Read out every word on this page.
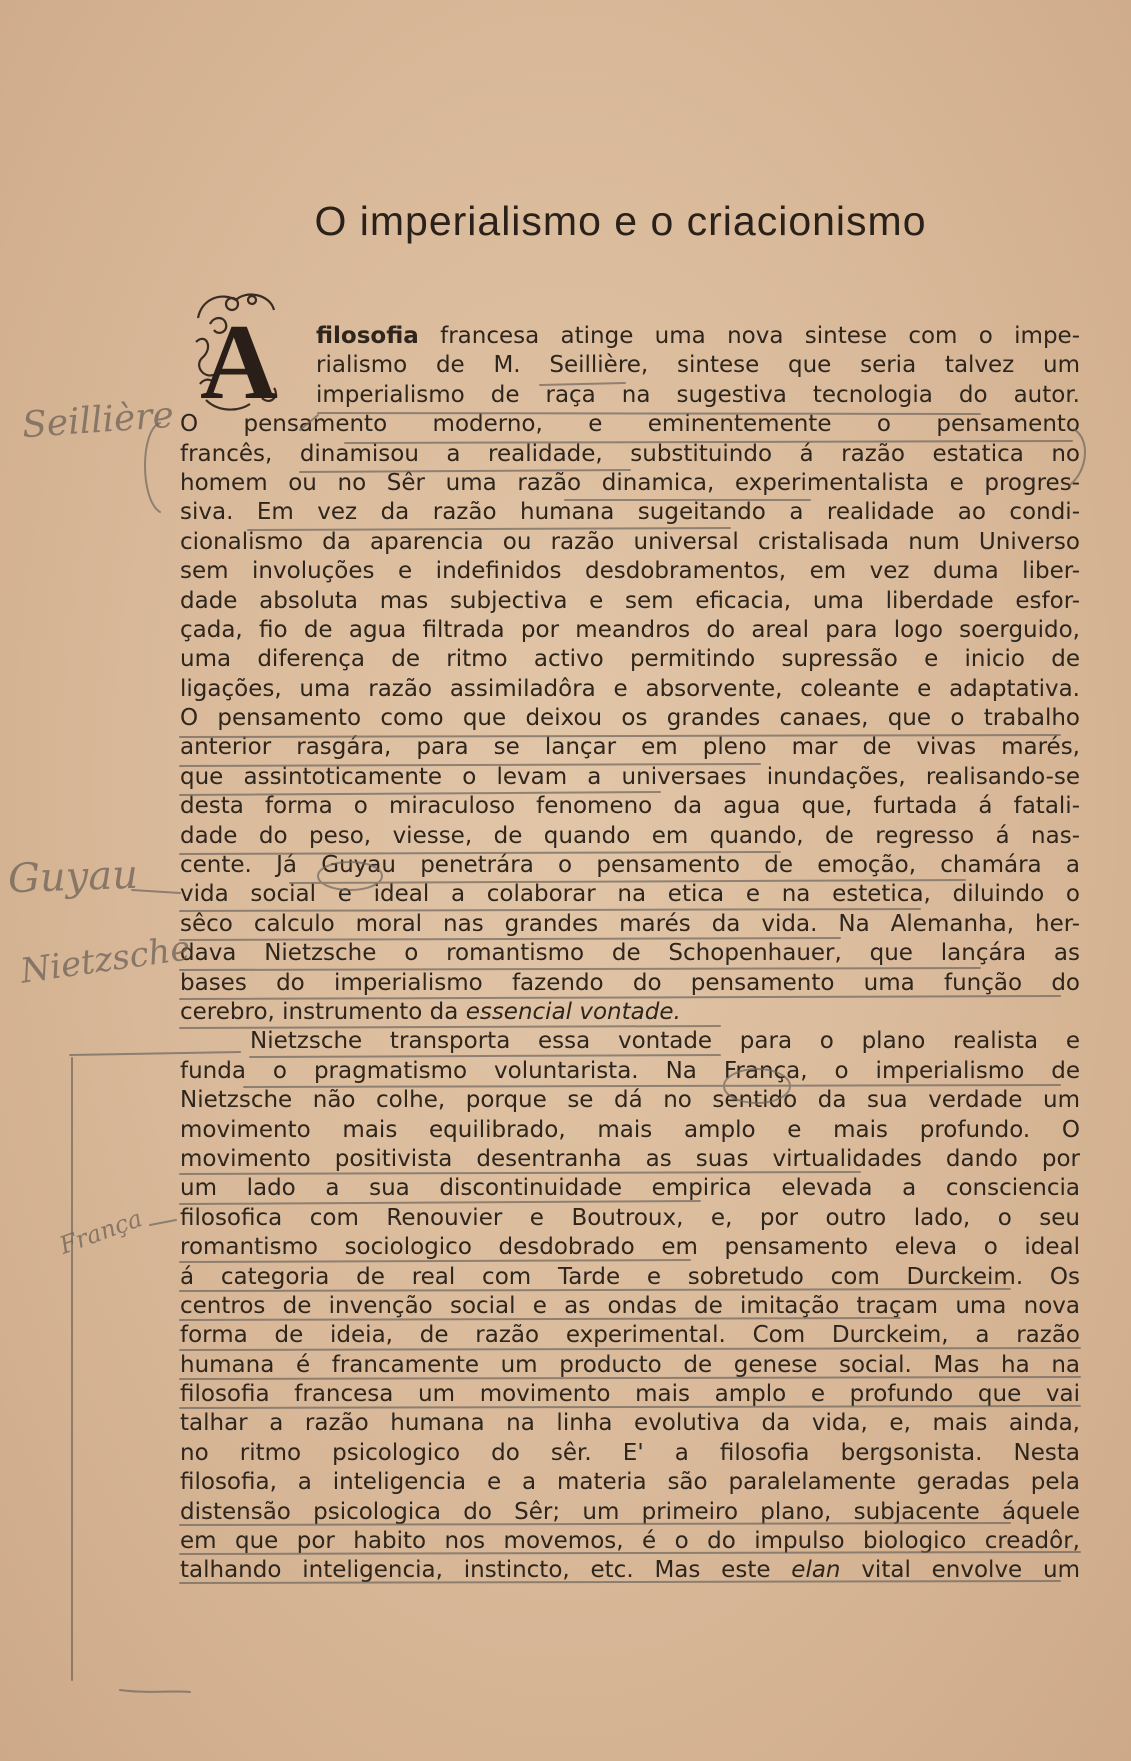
O imperialismo e o criacionismo
A filosofia francesa atinge uma nova sintese com o impe-
rialismo de M. Seillière, sintese que seria talvez um
imperialismo de raça na sugestiva tecnologia do autor.
O pensamento moderno, e eminentemente o pensamento
francês, dinamisou a realidade, substituindo á razão estatica no
homem ou no Sêr uma razão dinamica, experimentalista e progres-
siva. Em vez da razão humana sugeitando a realidade ao condi-
cionalismo da aparencia ou razão universal cristalisada num Universo
sem involuções e indefinidos desdobramentos, em vez duma liber-
dade absoluta mas subjectiva e sem eficacia, uma liberdade esfor-
çada, fio de agua filtrada por meandros do areal para logo soerguido,
uma diferença de ritmo activo permitindo supressão e inicio de
ligações, uma razão assimiladôra e absorvente, coleante e adaptativa.
O pensamento como que deixou os grandes canaes, que o trabalho
anterior rasgára, para se lançar em pleno mar de vivas marés,
que assintoticamente o levam a universaes inundações, realisando-se
desta forma o miraculoso fenomeno da agua que, furtada á fatali-
dade do peso, viesse, de quando em quando, de regresso á nas-
cente. Já Guyau penetrára o pensamento de emoção, chamára a
vida social e ideal a colaborar na etica e na estetica, diluindo o
sêco calculo moral nas grandes marés da vida. Na Alemanha, her-
dava Nietzsche o romantismo de Schopenhauer, que lançára as
bases do imperialismo fazendo do pensamento uma função do
cerebro, instrumento da essencial vontade.
Nietzsche transporta essa vontade para o plano realista e
funda o pragmatismo voluntarista. Na França, o imperialismo de
Nietzsche não colhe, porque se dá no sentido da sua verdade um
movimento mais equilibrado, mais amplo e mais profundo. O
movimento positivista desentranha as suas virtualidades dando por
um lado a sua discontinuidade empirica elevada a consciencia
filosofica com Renouvier e Boutroux, e, por outro lado, o seu
romantismo sociologico desdobrado em pensamento eleva o ideal
á categoria de real com Tarde e sobretudo com Durckeim. Os
centros de invenção social e as ondas de imitação traçam uma nova
forma de ideia, de razão experimental. Com Durckeim, a razão
humana é francamente um producto de genese social. Mas ha na
filosofia francesa um movimento mais amplo e profundo que vai
talhar a razão humana na linha evolutiva da vida, e, mais ainda,
no ritmo psicologico do sêr. E' a filosofia bergsonista. Nesta
filosofia, a inteligencia e a materia são paralelamente geradas pela
distensão psicologica do Sêr; um primeiro plano, subjacente áquele
em que por habito nos movemos, é o do impulso biologico creadôr,
talhando inteligencia, instincto, etc. Mas este elan vital envolve um
Seillière
Guyau
Nietzsche
França
